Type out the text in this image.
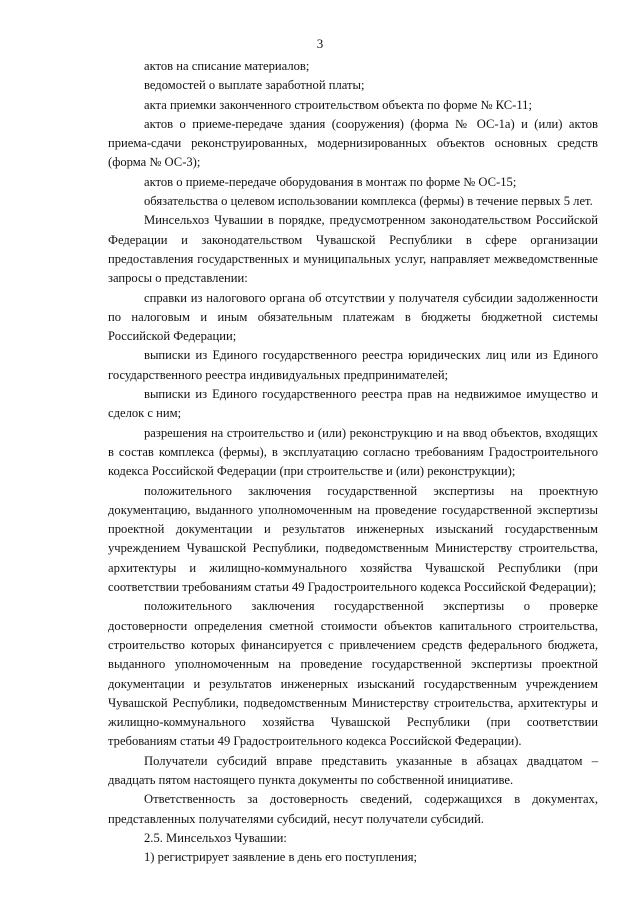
3

актов на списание материалов;

ведомостей о выплате заработной платы;

акта приемки законченного строительством объекта по форме № КС-11;

актов о приеме-передаче здания (сооружения) (форма № ОС-1а) и (или) актов приема-сдачи реконструированных, модернизированных объектов основных средств (форма № ОС-3);

актов о приеме-передаче оборудования в монтаж по форме № ОС-15;

обязательства о целевом использовании комплекса (фермы) в течение первых 5 лет.

Минсельхоз Чувашии в порядке, предусмотренном законодательством Российской Федерации и законодательством Чувашской Республики в сфере организации предоставления государственных и муниципальных услуг, направляет межведомственные запросы о представлении:

справки из налогового органа об отсутствии у получателя субсидии задолженности по налоговым и иным обязательным платежам в бюджеты бюджетной системы Российской Федерации;

выписки из Единого государственного реестра юридических лиц или из Единого государственного реестра индивидуальных предпринимателей;

выписки из Единого государственного реестра прав на недвижимое имущество и сделок с ним;

разрешения на строительство и (или) реконструкцию и на ввод объектов, входящих в состав комплекса (фермы), в эксплуатацию согласно требованиям Градостроительного кодекса Российской Федерации (при строительстве и (или) реконструкции);

положительного заключения государственной экспертизы на проектную документацию, выданного уполномоченным на проведение государственной экспертизы проектной документации и результатов инженерных изысканий государственным учреждением Чувашской Республики, подведомственным Министерству строительства, архитектуры и жилищно-коммунального хозяйства Чувашской Республики (при соответствии требованиям статьи 49 Градостроительного кодекса Российской Федерации);

положительного заключения государственной экспертизы о проверке достоверности определения сметной стоимости объектов капитального строительства, строительство которых финансируется с привлечением средств федерального бюджета, выданного уполномоченным на проведение государственной экспертизы проектной документации и результатов инженерных изысканий государственным учреждением Чувашской Республики, подведомственным Министерству строительства, архитектуры и жилищно-коммунального хозяйства Чувашской Республики (при соответствии требованиям статьи 49 Градостроительного кодекса Российской Федерации).

Получатели субсидий вправе представить указанные в абзацах двадцатом – двадцать пятом настоящего пункта документы по собственной инициативе.

Ответственность за достоверность сведений, содержащихся в документах, представленных получателями субсидий, несут получатели субсидий.

2.5. Минсельхоз Чувашии:

1) регистрирует заявление в день его поступления;
